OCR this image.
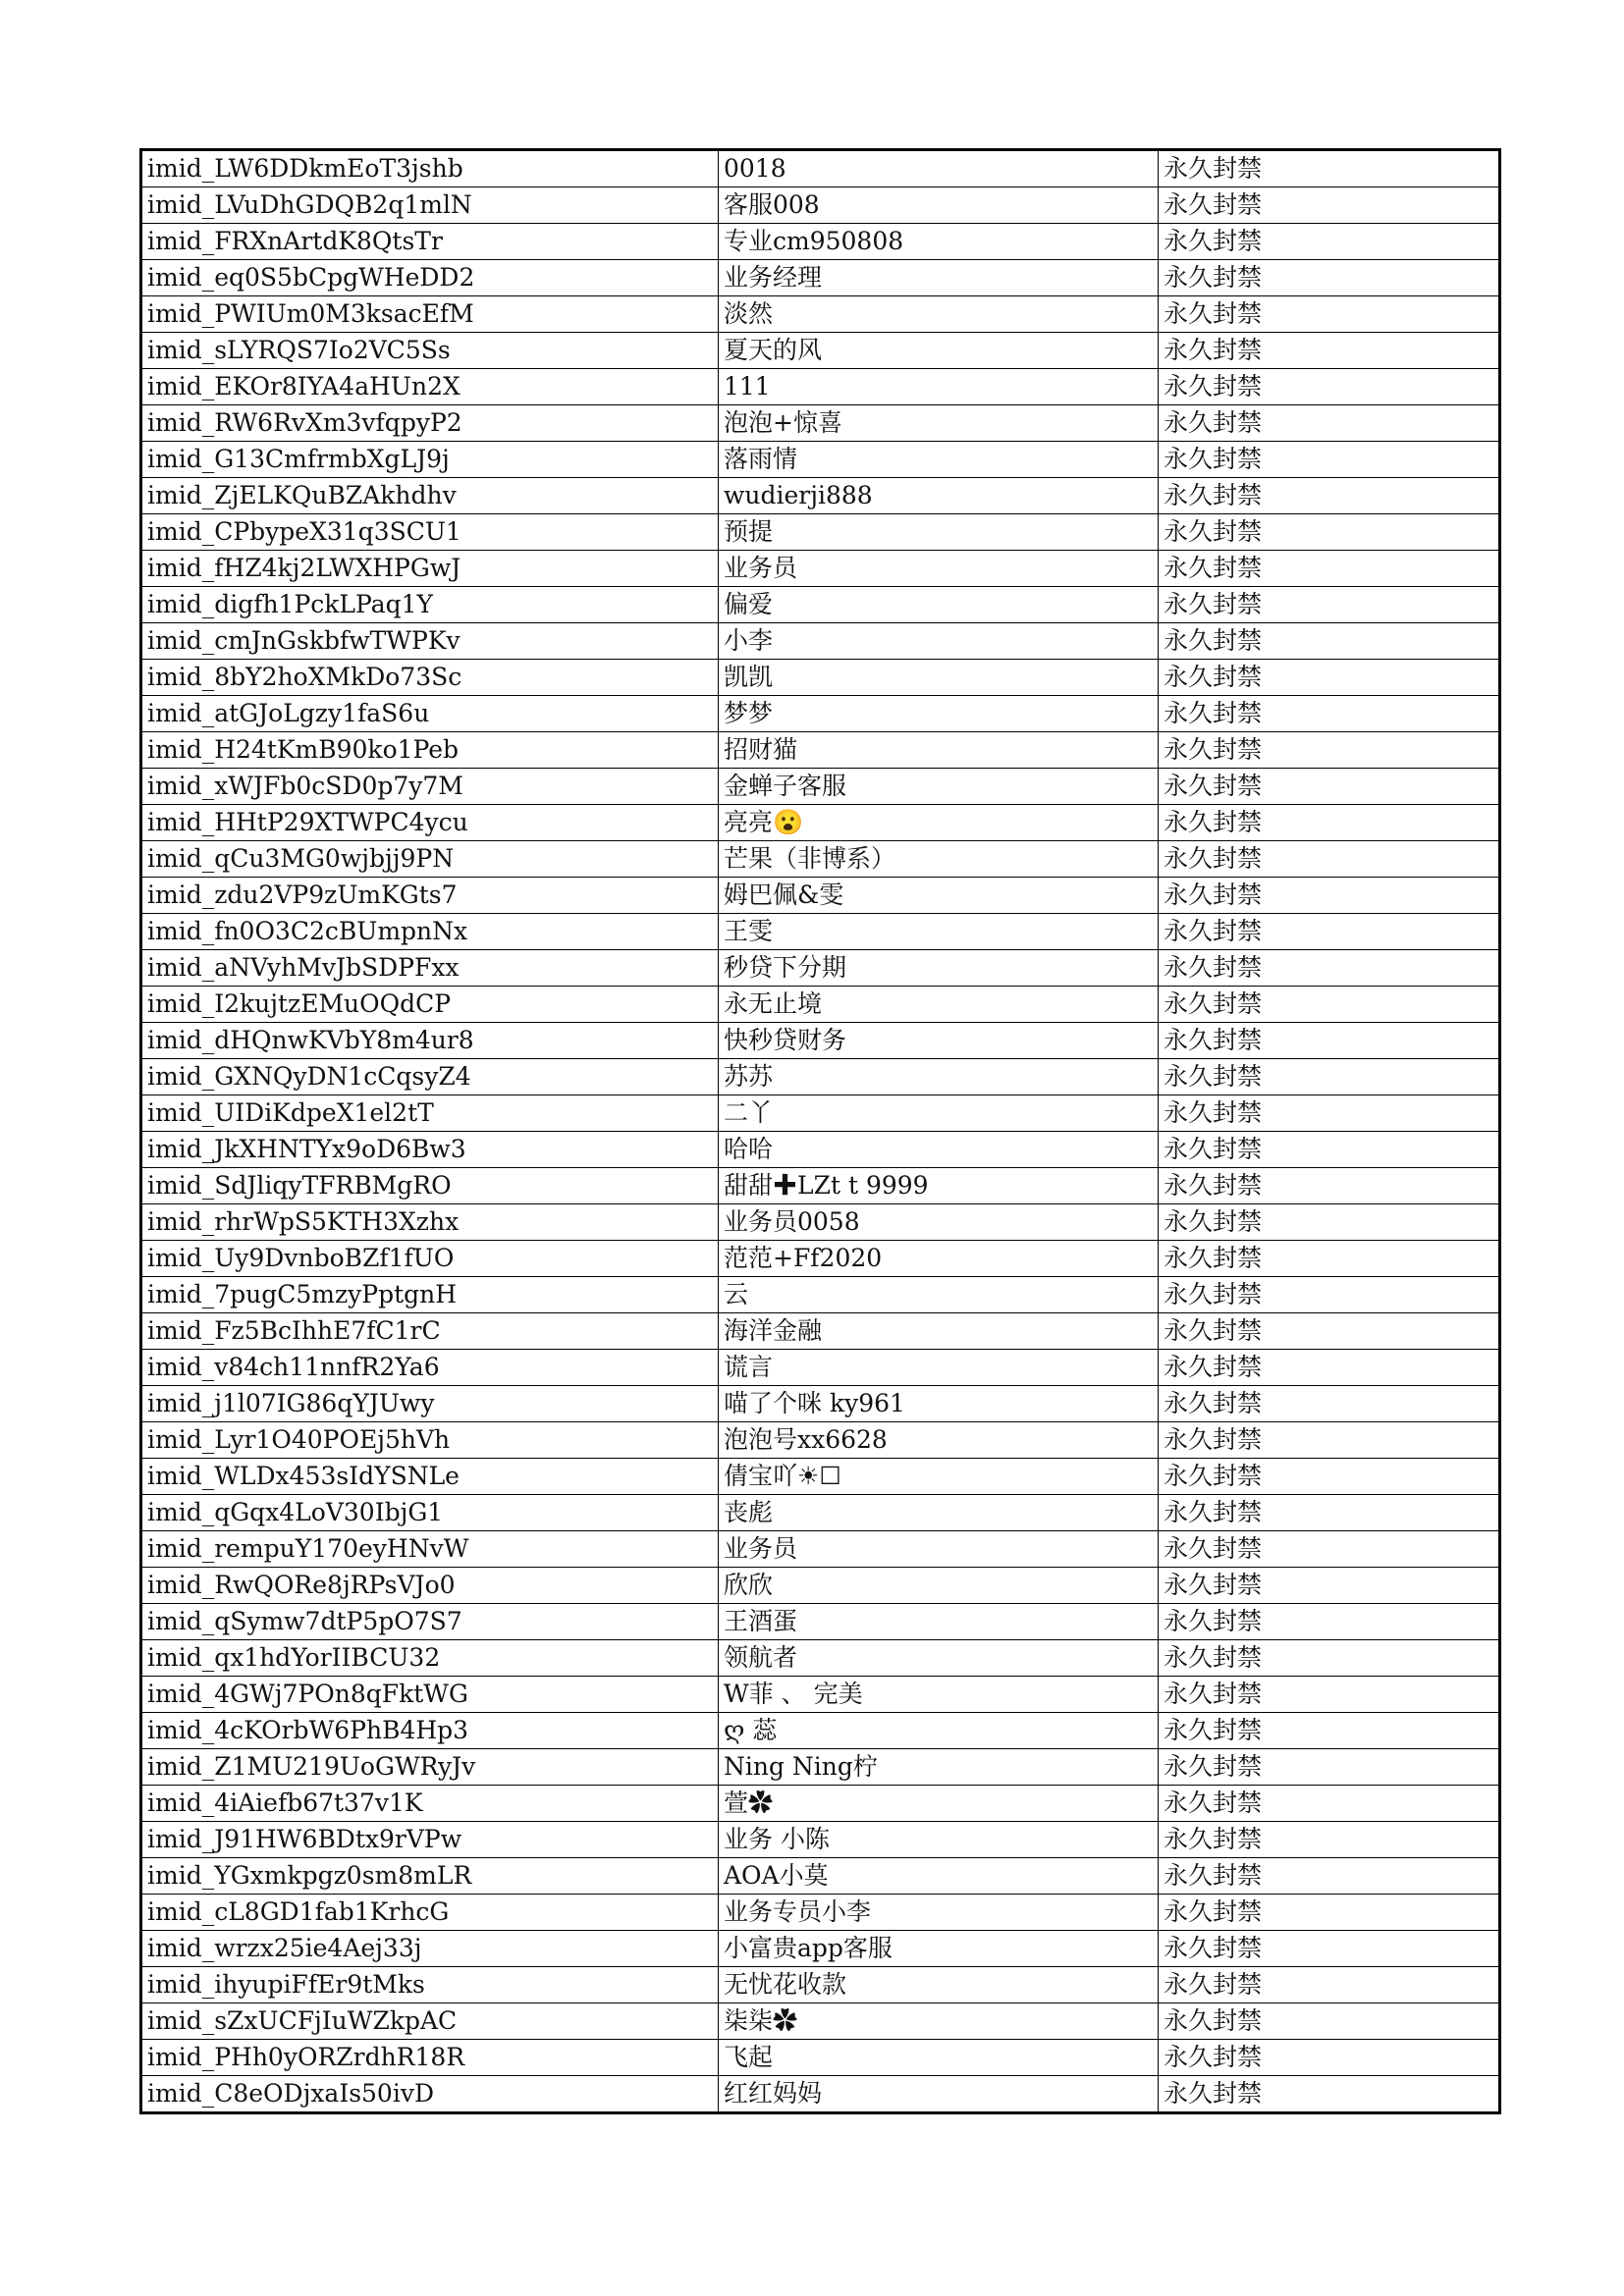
imid_LW6DDkmEoT3jshb	0018	永久封禁
imid_LVuDhGDQB2q1mlN	客服008	永久封禁
imid_FRXnArtdK8QtsTr	专业cm950808	永久封禁
imid_eq0S5bCpgWHeDD2	业务经理	永久封禁
imid_PWIUm0M3ksacEfM	淡然	永久封禁
imid_sLYRQS7Io2VC5Ss	夏天的风	永久封禁
imid_EKOr8IYA4aHUn2X	111	永久封禁
imid_RW6RvXm3vfqpyP2	泡泡+惊喜	永久封禁
imid_G13CmfrmbXgLJ9j	落雨情	永久封禁
imid_ZjELKQuBZAkhdhv	wudierji888	永久封禁
imid_CPbypeX31q3SCU1	预提	永久封禁
imid_fHZ4kj2LWXHPGwJ	业务员	永久封禁
imid_digfh1PckLPaq1Y	偏爱	永久封禁
imid_cmJnGskbfwTWPKv	小李	永久封禁
imid_8bY2hoXMkDo73Sc	凯凯	永久封禁
imid_atGJoLgzy1faS6u	梦梦	永久封禁
imid_H24tKmB90ko1Peb	招财猫	永久封禁
imid_xWJFb0cSD0p7y7M	金蝉子客服	永久封禁
imid_HHtP29XTWPC4ycu	亮亮😮	永久封禁
imid_qCu3MG0wjbjj9PN	芒果（非博系）	永久封禁
imid_zdu2VP9zUmKGts7	姆巴佩&雯	永久封禁
imid_fn0O3C2cBUmpnNx	王雯	永久封禁
imid_aNVyhMvJbSDPFxx	秒贷下分期	永久封禁
imid_I2kujtzEMuOQdCP	永无止境	永久封禁
imid_dHQnwKVbY8m4ur8	快秒贷财务	永久封禁
imid_GXNQyDN1cCqsyZ4	苏苏	永久封禁
imid_UIDiKdpeX1el2tT	二丫	永久封禁
imid_JkXHNTYx9oD6Bw3	哈哈	永久封禁
imid_SdJliqyTFRBMgRO	甜甜✚LZt t 9999	永久封禁
imid_rhrWpS5KTH3Xzhx	业务员0058	永久封禁
imid_Uy9DvnboBZf1fUO	范范+Ff2020	永久封禁
imid_7pugC5mzyPptgnH	云	永久封禁
imid_Fz5BcIhhE7fC1rC	海洋金融	永久封禁
imid_v84ch11nnfR2Ya6	谎言	永久封禁
imid_j1l07IG86qYJUwy	喵了个咪 ky961	永久封禁
imid_Lyr1O40POEj5hVh	泡泡号xx6628	永久封禁
imid_WLDx453sIdYSNLe	倩宝吖☀☐	永久封禁
imid_qGqx4LoV30IbjG1	丧彪	永久封禁
imid_rempuY170eyHNvW	业务员	永久封禁
imid_RwQORe8jRPsVJo0	欣欣	永久封禁
imid_qSymw7dtP5pO7S7	王酒蛋	永久封禁
imid_qx1hdYorIIBCU32	领航者	永久封禁
imid_4GWj7POn8qFktWG	W菲 、 完美	永久封禁
imid_4cKOrbW6PhB4Hp3	ღ 蕊	永久封禁
imid_Z1MU219UoGWRyJv	Ning Ning柠	永久封禁
imid_4iAiefb67t37v1K	萱✿	永久封禁
imid_J91HW6BDtx9rVPw	业务 小陈	永久封禁
imid_YGxmkpgz0sm8mLR	AOA小莫	永久封禁
imid_cL8GD1fab1KrhcG	业务专员小李	永久封禁
imid_wrzx25ie4Aej33j	小富贵app客服	永久封禁
imid_ihyupiFfEr9tMks	无忧花收款	永久封禁
imid_sZxUCFjIuWZkpAC	柒柒✿	永久封禁
imid_PHh0yORZrdhR18R	飞起	永久封禁
imid_C8eODjxaIs50ivD	红红妈妈	永久封禁
